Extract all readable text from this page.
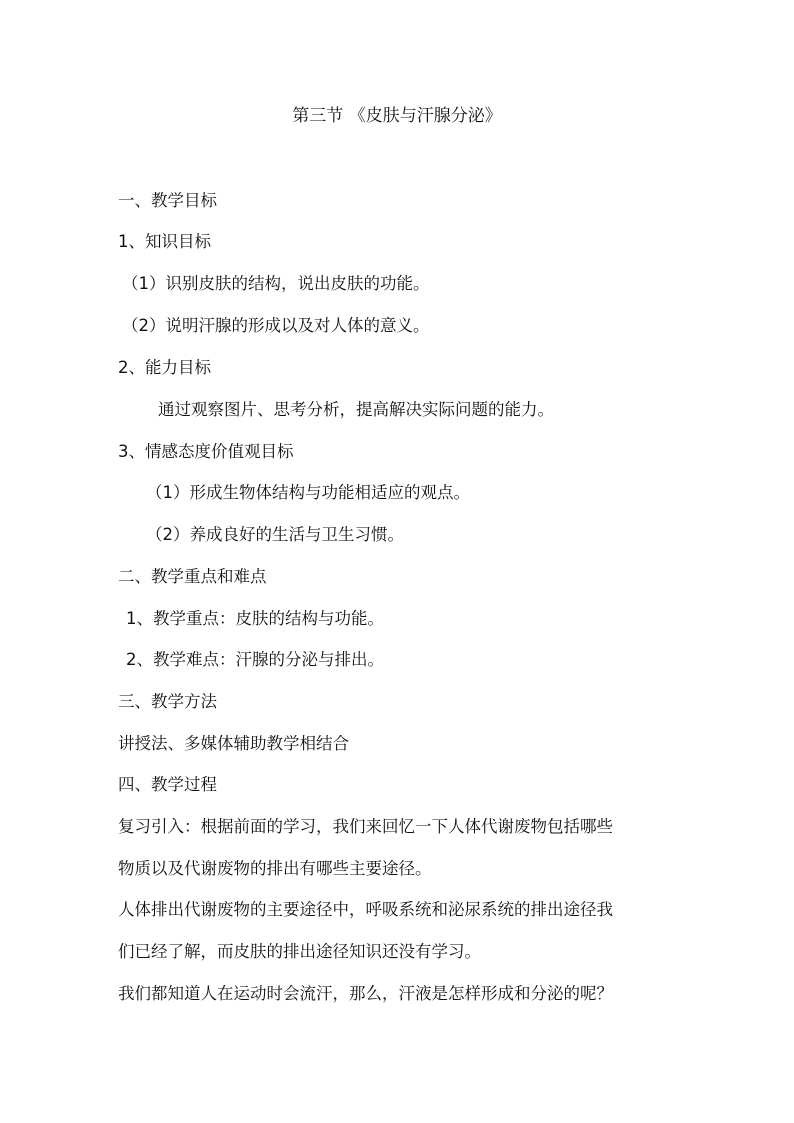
第三节 《皮肤与汗腺分泌》
一、教学目标
1、知识目标
（1）识别皮肤的结构，说出皮肤的功能。
（2）说明汗腺的形成以及对人体的意义。
2、能力目标
通过观察图片、思考分析，提高解决实际问题的能力。
3、情感态度价值观目标
（1）形成生物体结构与功能相适应的观点。
（2）养成良好的生活与卫生习惯。
二、教学重点和难点
1、教学重点：皮肤的结构与功能。
2、教学难点：汗腺的分泌与排出。
三、教学方法
讲授法、多媒体辅助教学相结合
四、教学过程
复习引入：根据前面的学习，我们来回忆一下人体代谢废物包括哪些
物质以及代谢废物的排出有哪些主要途径。
人体排出代谢废物的主要途径中，呼吸系统和泌尿系统的排出途径我
们已经了解，而皮肤的排出途径知识还没有学习。
我们都知道人在运动时会流汗，那么，汗液是怎样形成和分泌的呢？
